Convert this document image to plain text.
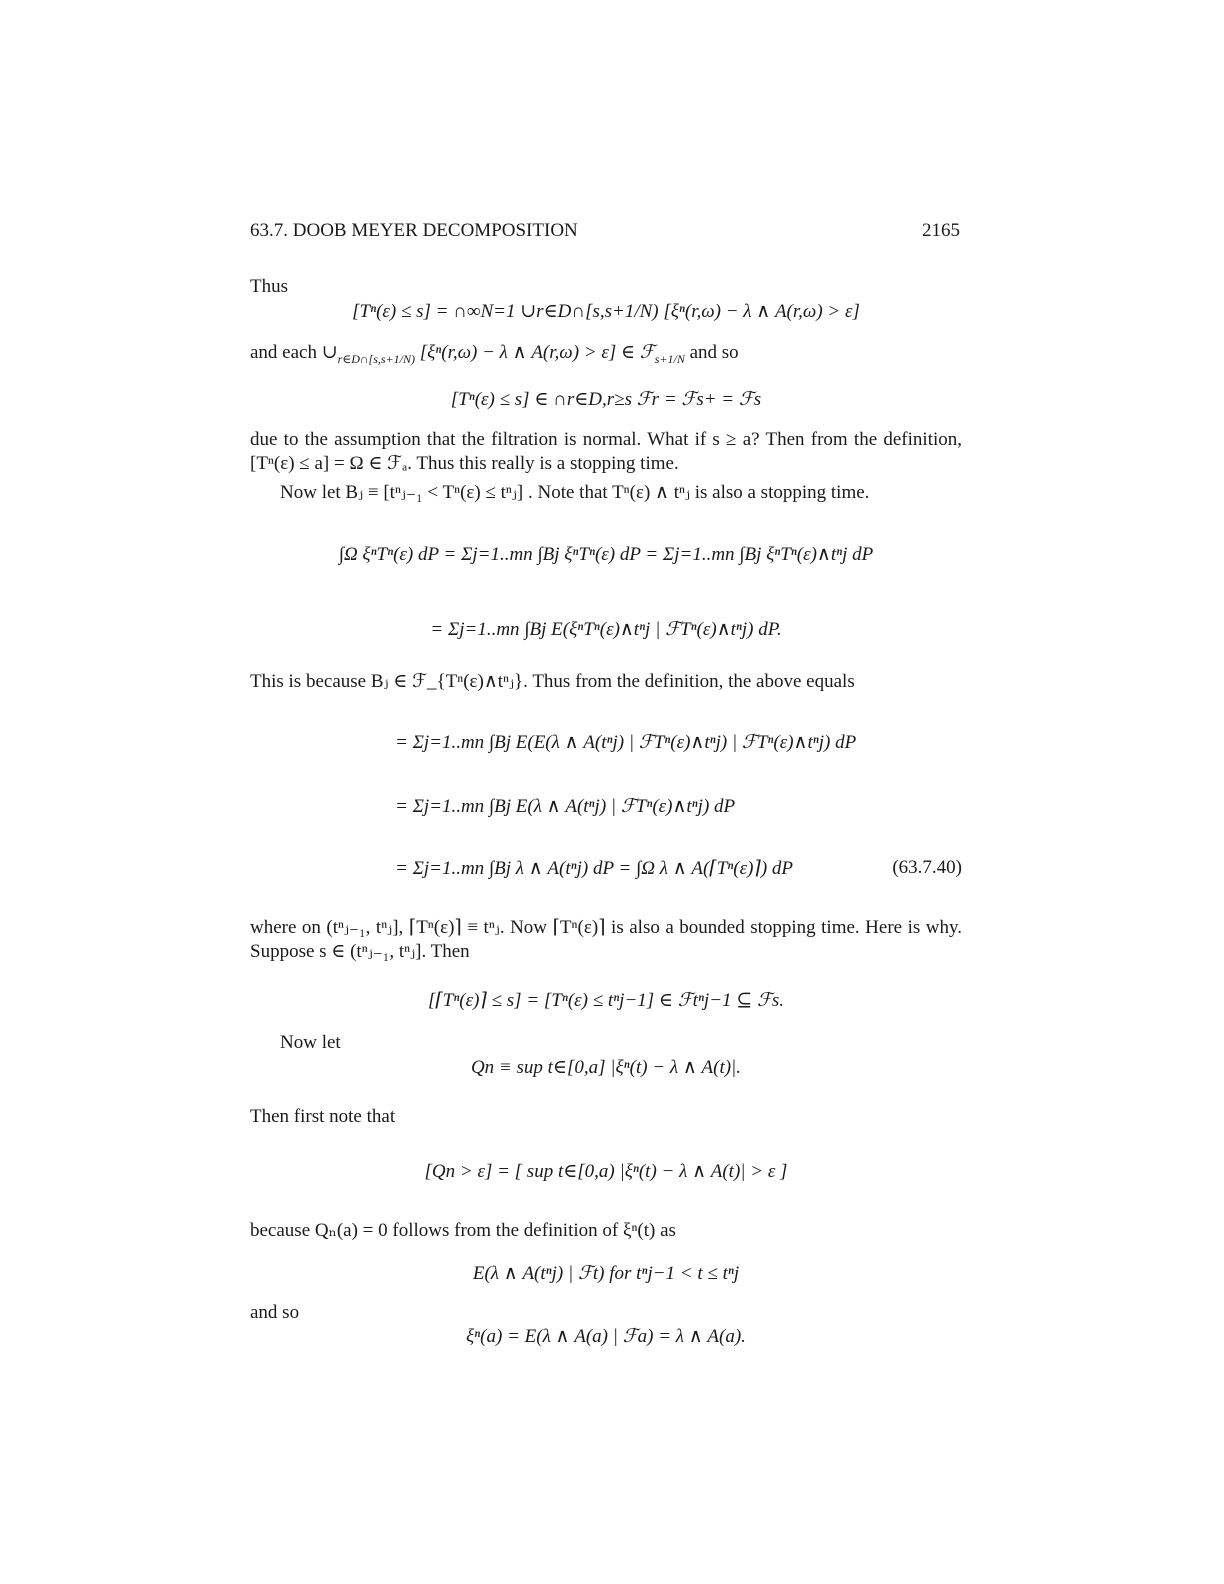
63.7. DOOB MEYER DECOMPOSITION	2165
Thus
[Tⁿ(ε) ≤ s] = ∩∞N=1 ∪r∈D∩[s,s+1/N) [ξⁿ(r,ω) − λ ∧ A(r,ω) > ε]
and each $\cup_{r\in D\cap[s,s+1/N)}$ [ξⁿ(r,ω) − λ ∧ A(r,ω) > ε] ∈ ℱ$_{s+1/N}$ and so
[Tⁿ(ε) ≤ s] ∈ ∩r∈D,r≥s ℱr = ℱs+ = ℱs
due to the assumption that the filtration is normal. What if s ≥ a? Then from the definition, [Tⁿ(ε) ≤ a] = Ω ∈ ℱₐ. Thus this really is a stopping time.
Now let Bⱼ ≡ [tⁿⱼ₋₁ < Tⁿ(ε) ≤ tⁿⱼ] . Note that Tⁿ(ε) ∧ tⁿⱼ is also a stopping time.
∫Ω ξⁿTⁿ(ε) dP = Σj=1..mn ∫Bj ξⁿTⁿ(ε) dP = Σj=1..mn ∫Bj ξⁿTⁿ(ε)∧tⁿj dP
= Σj=1..mn ∫Bj E(ξⁿTⁿ(ε)∧tⁿj | ℱTⁿ(ε)∧tⁿj) dP.
This is because Bⱼ ∈ ℱ_{Tⁿ(ε)∧tⁿⱼ}. Thus from the definition, the above equals
= Σj=1..mn ∫Bj E(E(λ ∧ A(tⁿj) | ℱTⁿ(ε)∧tⁿj) | ℱTⁿ(ε)∧tⁿj) dP
= Σj=1..mn ∫Bj E(λ ∧ A(tⁿj) | ℱTⁿ(ε)∧tⁿj) dP
= Σj=1..mn ∫Bj λ ∧ A(tⁿj) dP = ∫Ω λ ∧ A(⌈Tⁿ(ε)⌉) dP	(63.7.40)
where on (tⁿⱼ₋₁, tⁿⱼ], ⌈Tⁿ(ε)⌉ ≡ tⁿⱼ. Now ⌈Tⁿ(ε)⌉ is also a bounded stopping time. Here is why. Suppose s ∈ (tⁿⱼ₋₁, tⁿⱼ]. Then
[⌈Tⁿ(ε)⌉ ≤ s] = [Tⁿ(ε) ≤ tⁿj−1] ∈ ℱtⁿj−1 ⊆ ℱs.
Now let
Qn ≡ sup t∈[0,a] |ξⁿ(t) − λ ∧ A(t)|.
Then first note that
[Qn > ε] = [ sup t∈[0,a) |ξⁿ(t) − λ ∧ A(t)| > ε ]
because Qₙ(a) = 0 follows from the definition of ξⁿ(t) as
E(λ ∧ A(tⁿj) | ℱt) for tⁿj−1 < t ≤ tⁿj
and so
ξⁿ(a) = E(λ ∧ A(a) | ℱa) = λ ∧ A(a).
